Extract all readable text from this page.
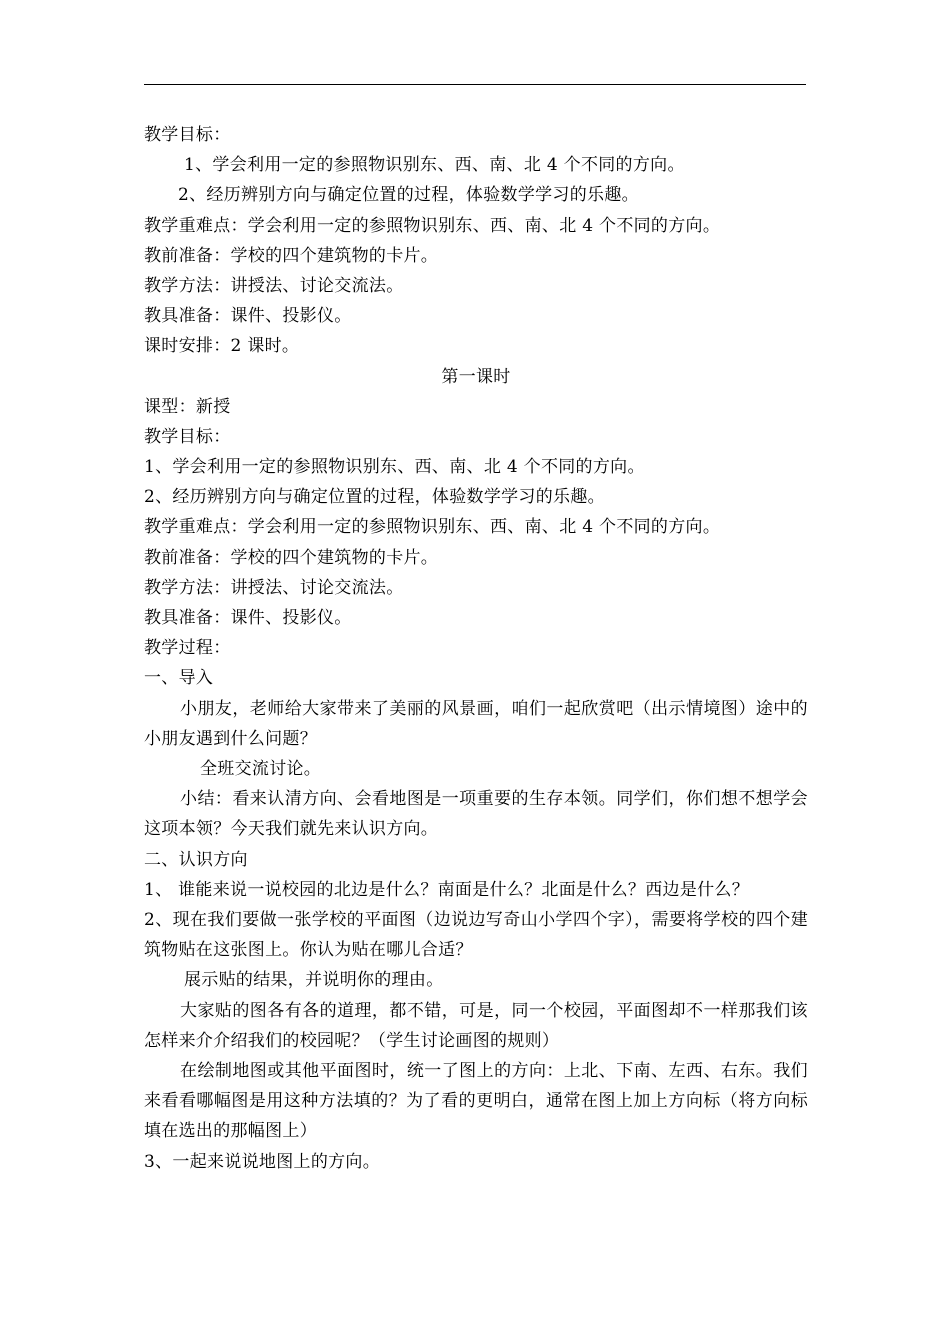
教学目标：
1、学会利用一定的参照物识别东、西、南、北 4 个不同的方向。
2、经历辨别方向与确定位置的过程，体验数学学习的乐趣。
教学重难点：学会利用一定的参照物识别东、西、南、北 4 个不同的方向。
教前准备：学校的四个建筑物的卡片。
教学方法：讲授法、讨论交流法。
教具准备：课件、投影仪。
课时安排：2 课时。
第一课时
课型：新授
教学目标：
1、学会利用一定的参照物识别东、西、南、北 4 个不同的方向。
2、经历辨别方向与确定位置的过程，体验数学学习的乐趣。
教学重难点：学会利用一定的参照物识别东、西、南、北 4 个不同的方向。
教前准备：学校的四个建筑物的卡片。
教学方法：讲授法、讨论交流法。
教具准备：课件、投影仪。
教学过程：
一、导入
小朋友，老师给大家带来了美丽的风景画，咱们一起欣赏吧（出示情境图）途中的小朋友遇到什么问题？
全班交流讨论。
小结：看来认清方向、会看地图是一项重要的生存本领。同学们，你们想不想学会这项本领？今天我们就先来认识方向。
二、认识方向
1、 谁能来说一说校园的北边是什么？南面是什么？北面是什么？西边是什么？
2、现在我们要做一张学校的平面图（边说边写奇山小学四个字），需要将学校的四个建筑物贴在这张图上。你认为贴在哪儿合适？
展示贴的结果，并说明你的理由。
大家贴的图各有各的道理，都不错，可是，同一个校园，平面图却不一样那我们该怎样来介介绍我们的校园呢？（学生讨论画图的规则）
在绘制地图或其他平面图时，统一了图上的方向：上北、下南、左西、右东。我们来看看哪幅图是用这种方法填的？为了看的更明白，通常在图上加上方向标（将方向标填在选出的那幅图上）
3、一起来说说地图上的方向。
